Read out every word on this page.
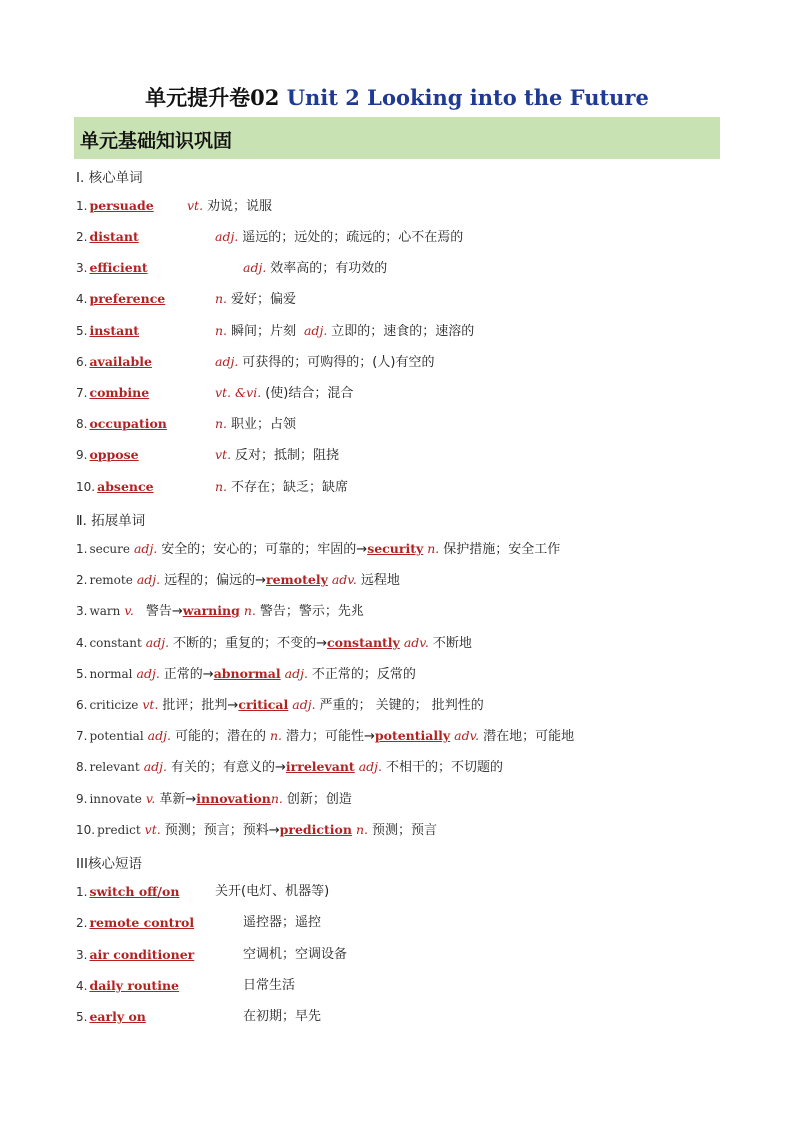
单元提升卷02 Unit 2 Looking into the Future
单元基础知识巩固
Ⅰ. 核心单词
1. persuade	vt. 劝说；说服
2. distant	adj. 遥远的；远处的；疏远的；心不在焉的
3. efficient	adj. 效率高的；有功效的
4. preference	n. 爱好；偏爱
5. instant	n. 瞬间；片刻 adj. 立即的；速食的；速溶的
6. available	adj. 可获得的；可购得的；(人)有空的
7. combine	vt. &vi. (使)结合；混合
8. occupation	n. 职业；占领
9. oppose	vt. 反对；抵制；阻挠
10. absence	n. 不存在；缺乏；缺席
Ⅱ. 拓展单词
1. secure adj. 安全的；安心的；可靠的；牢固的→security n. 保护措施；安全工作
2. remote adj. 远程的；偏远的→remotely adv. 远程地
3. warn v. 警告→warning n. 警告；警示；先兆
4. constant adj. 不断的；重复的；不变的→constantly adv. 不断地
5. normal adj. 正常的→abnormal adj. 不正常的；反常的
6. criticize vt. 批评；批判→critical adj. 严重的； 关键的； 批判性的
7. potential adj. 可能的；潜在的 n. 潜力；可能性→potentially adv. 潜在地；可能地
8. relevant adj. 有关的；有意义的→irrelevant adj. 不相干的；不切题的
9. innovate v. 革新→innovationn. 创新；创造
10. predict vt. 预测；预言；预料→prediction n. 预测；预言
III核心短语
1. switch off/on	关开(电灯、机器等)
2. remote control	遥控器；遥控
3. air conditioner	空调机；空调设备
4. daily routine	日常生活
5. early on	在初期；早先
